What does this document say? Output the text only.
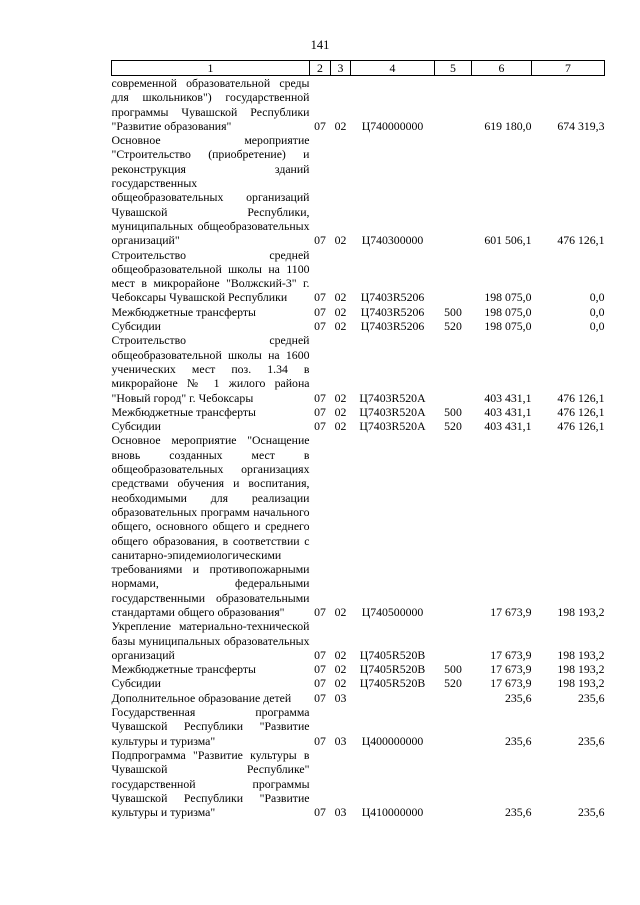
141
1	2	3	4	5	6	7
современной образовательной среды для школьников") государственной программы Чувашской Республики "Развитие образования"	07	02	Ц740000000		619 180,0	674 319,3
Основное мероприятие "Строительство (приобретение) и реконструкция зданий государственных общеобразовательных организаций Чувашской Республики, муниципальных общеобразовательных организаций"	07	02	Ц740300000		601 506,1	476 126,1
Строительство средней общеобразовательной школы на 1100 мест в микрорайоне "Волжский-3" г. Чебоксары Чувашской Республики	07	02	Ц7403R5206		198 075,0	0,0
Межбюджетные трансферты	07	02	Ц7403R5206	500	198 075,0	0,0
Субсидии	07	02	Ц7403R5206	520	198 075,0	0,0
Строительство средней общеобразовательной школы на 1600 ученических мест поз. 1.34 в микрорайоне № 1 жилого района "Новый город" г. Чебоксары	07	02	Ц7403R520A		403 431,1	476 126,1
Межбюджетные трансферты	07	02	Ц7403R520A	500	403 431,1	476 126,1
Субсидии	07	02	Ц7403R520A	520	403 431,1	476 126,1
Основное мероприятие "Оснащение вновь созданных мест в общеобразовательных организациях средствами обучения и воспитания, необходимыми для реализации образовательных программ начального общего, основного общего и среднего общего образования, в соответствии с санитарно-эпидемиологическими требованиями и противопожарными нормами, федеральными государственными образовательными стандартами общего образования"	07	02	Ц740500000		17 673,9	198 193,2
Укрепление материально-технической базы муниципальных образовательных организаций	07	02	Ц7405R520B		17 673,9	198 193,2
Межбюджетные трансферты	07	02	Ц7405R520B	500	17 673,9	198 193,2
Субсидии	07	02	Ц7405R520B	520	17 673,9	198 193,2
Дополнительное образование детей	07	03			235,6	235,6
Государственная программа Чувашской Республики "Развитие культуры и туризма"	07	03	Ц400000000		235,6	235,6
Подпрограмма "Развитие культуры в Чувашской Республике" государственной программы Чувашской Республики "Развитие культуры и туризма"	07	03	Ц410000000		235,6	235,6
